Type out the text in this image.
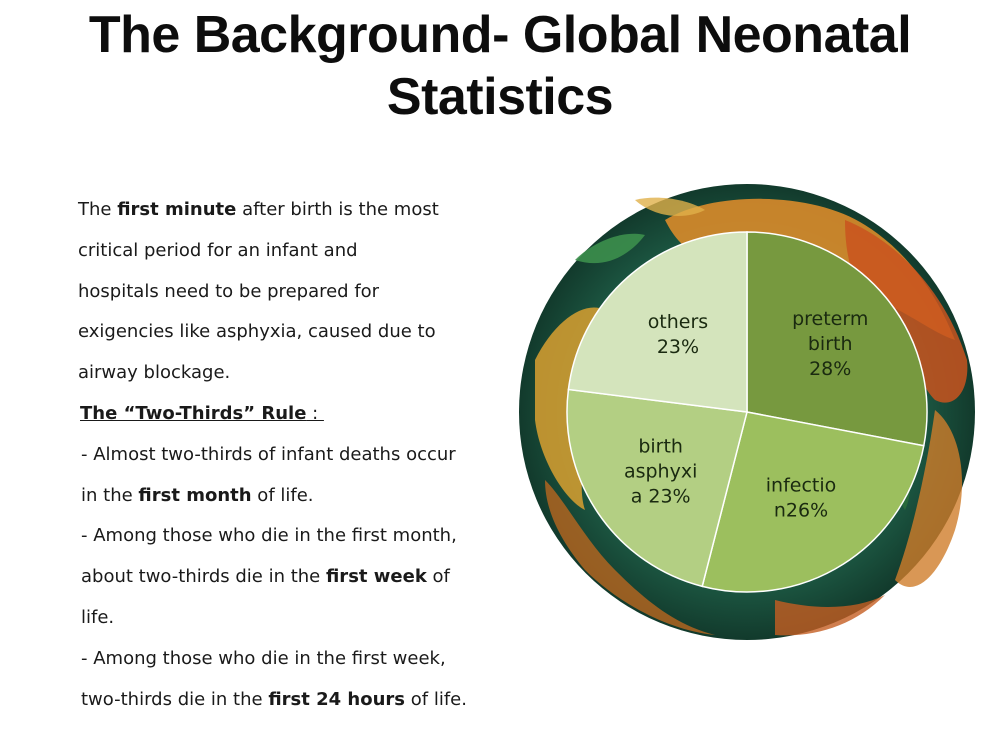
The Background- Global Neonatal
Statistics
The first minute after birth is the most
critical period for an infant and
hospitals need to be prepared for
exigencies like asphyxia, caused due to
airway blockage.
The “Two-Thirds” Rule :
- Almost two-thirds of infant deaths occur
in the first month of life.
- Among those who die in the first month,
about two-thirds die in the first week of
life.
- Among those who die in the first week,
two-thirds die in the first 24 hours of life.
preterm birth 28%
infectio n26%
birth asphyxi a 23%
others 23%
